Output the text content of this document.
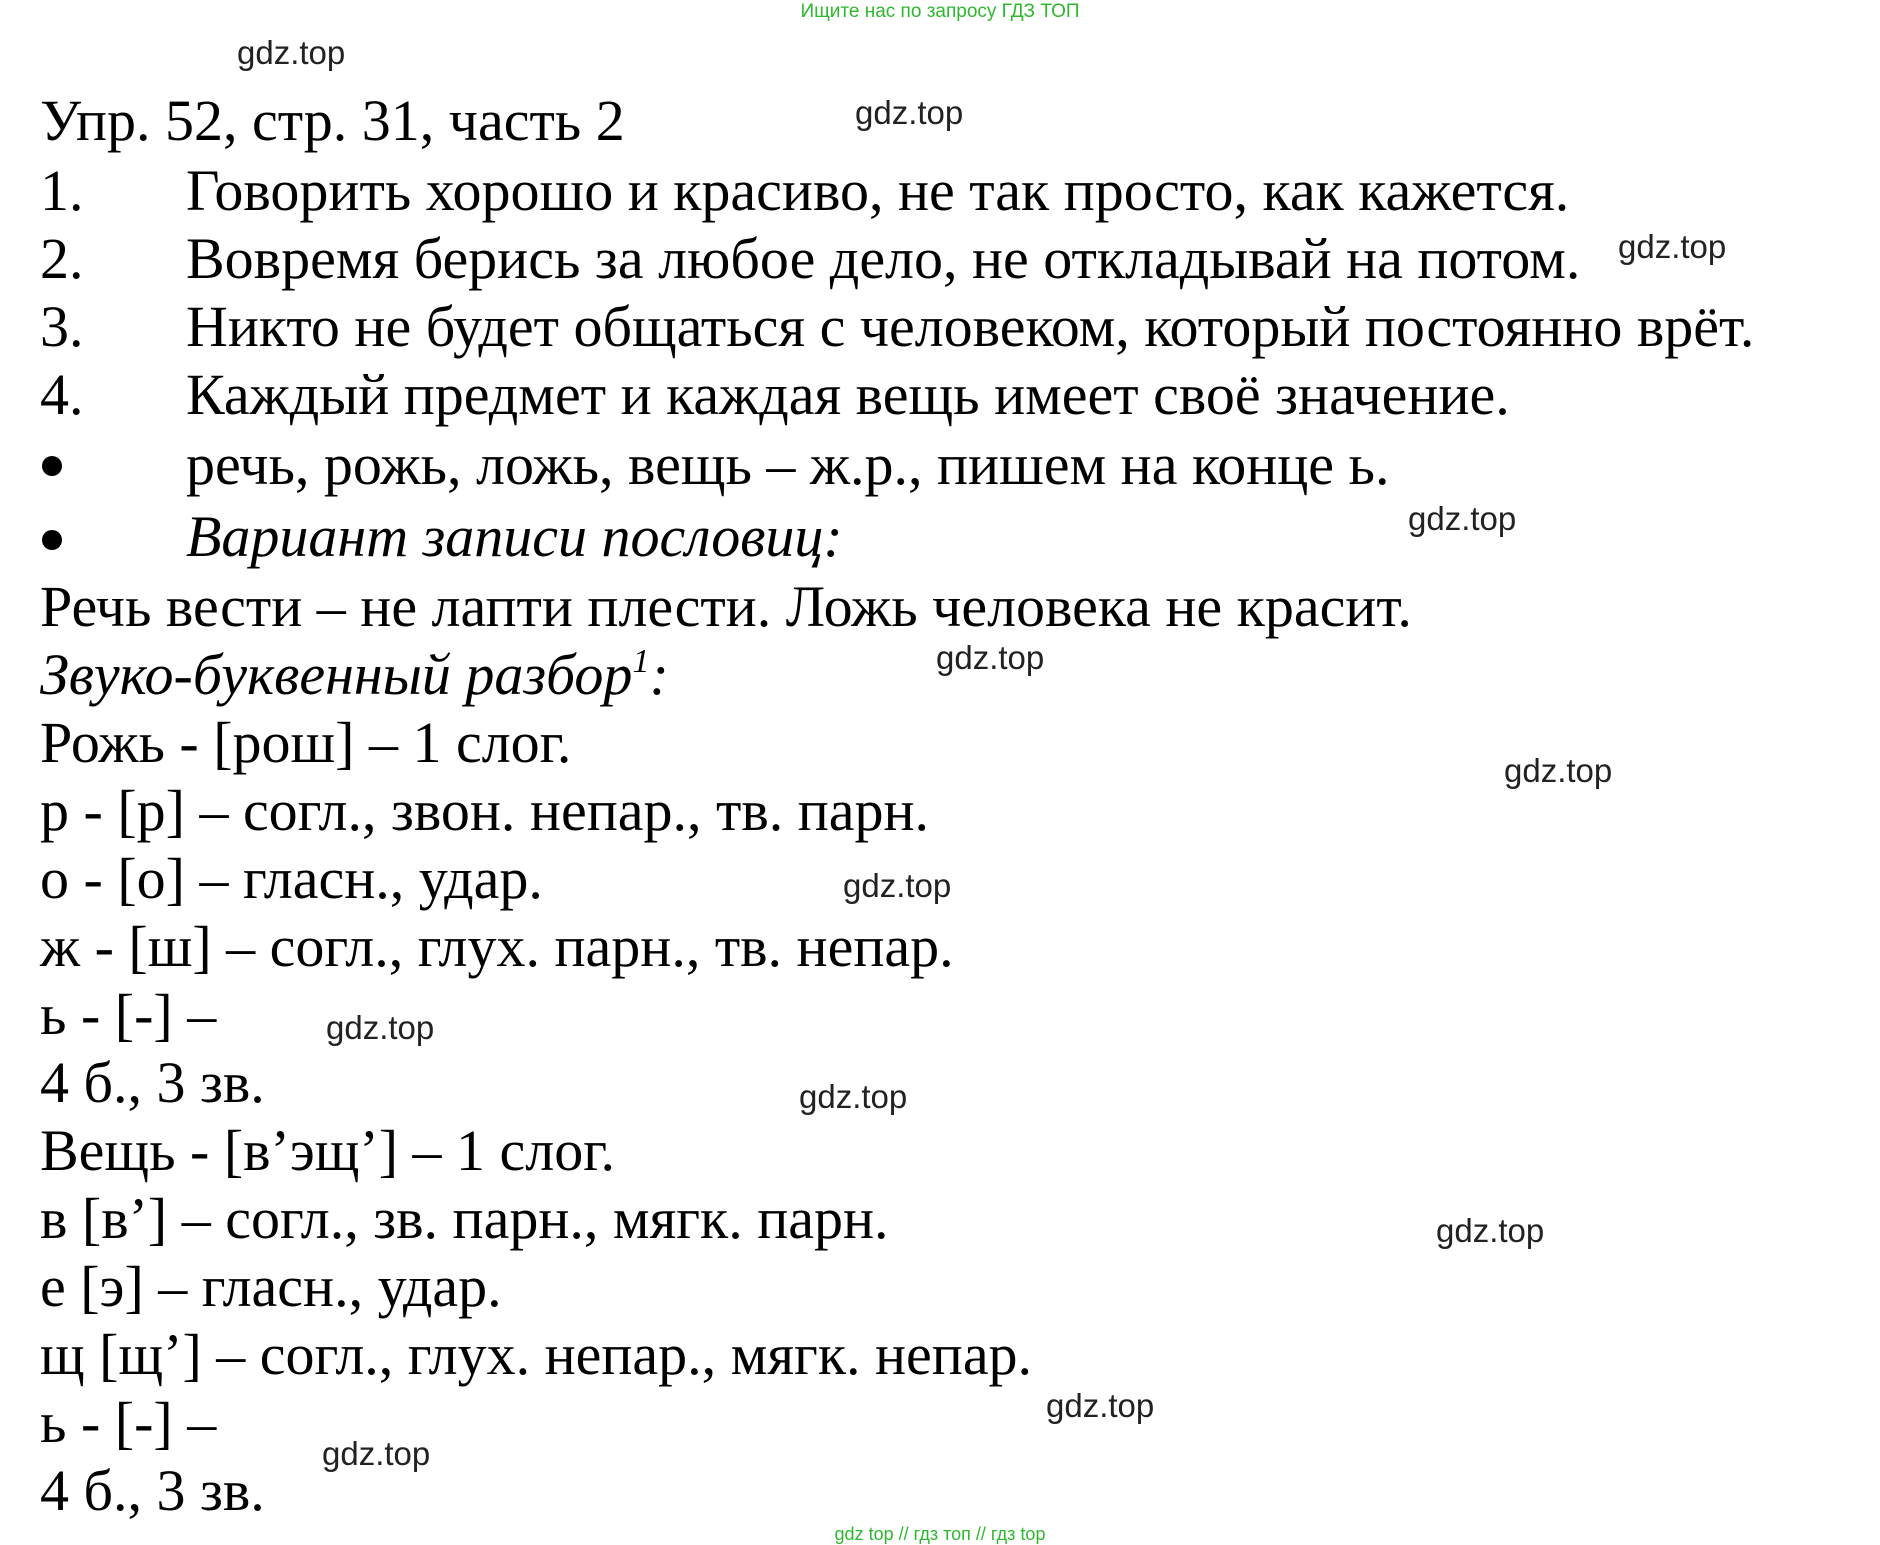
Ищите нас по запросу ГДЗ ТОП
gdz.top
gdz.top
gdz.top
gdz.top
gdz.top
gdz.top
gdz.top
gdz.top
gdz.top
gdz.top
gdz.top
gdz.top
Упр. 52, стр. 31, часть 2
1. Говорить хорошо и красиво, не так просто, как кажется.
2. Вовремя берись за любое дело, не откладывай на потом.
3. Никто не будет общаться с человеком, который постоянно врёт.
4. Каждый предмет и каждая вещь имеет своё значение.
речь, рожь, ложь, вещь – ж.р., пишем на конце ь.
Вариант записи пословиц:
Речь вести – не лапти плести. Ложь человека не красит.
Звуко-буквенный разбор$^1$:
Рожь - [рош] – 1 слог.
р - [р] – согл., звон. непар., тв. парн.
о - [о] – гласн., удар.
ж - [ш] – согл., глух. парн., тв. непар.
ь - [-] –
4 б., 3 зв.
Вещь - [в’эщ’] – 1 слог.
в [в’] – согл., зв. парн., мягк. парн.
е [э] – гласн., удар.
щ [щ’] – согл., глух. непар., мягк. непар.
ь - [-] –
4 б., 3 зв.
gdz top // гдз топ // гдз top
